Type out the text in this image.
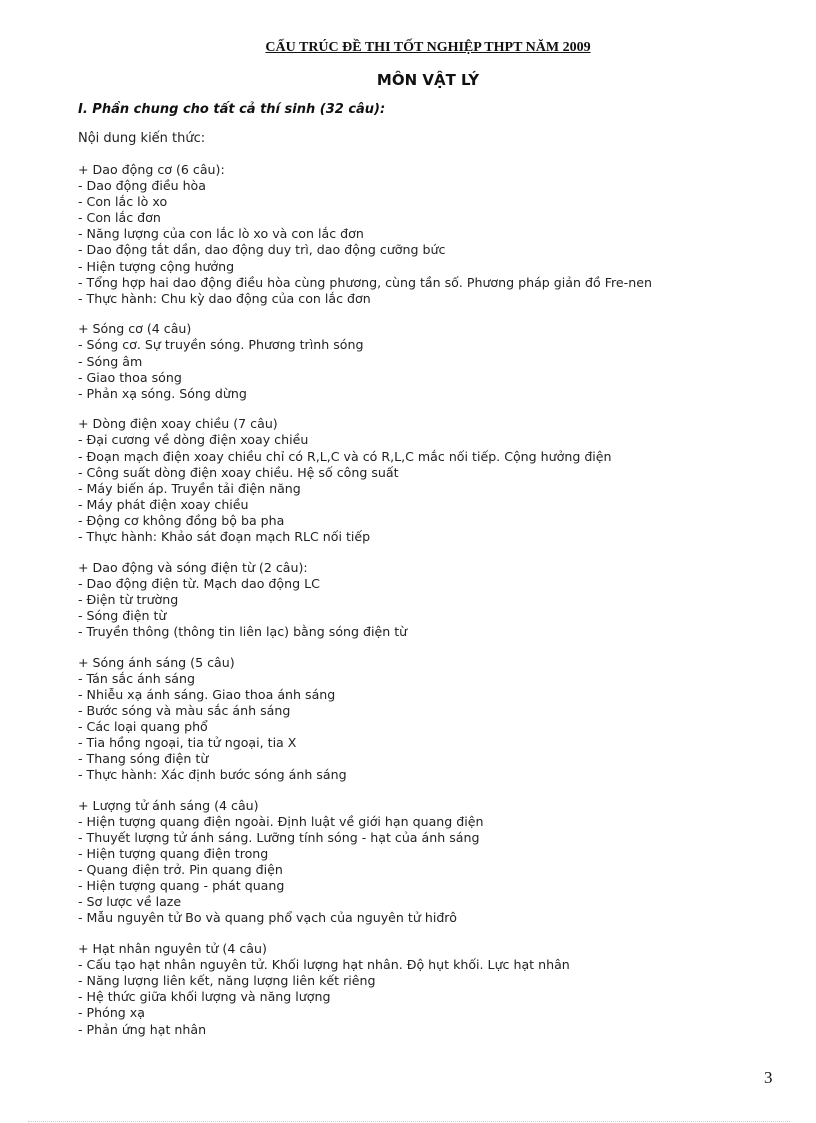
CẤU TRÚC ĐỀ THI TỐT NGHIỆP THPT NĂM 2009
MÔN VẬT LÝ
I. Phần chung cho tất cả thí sinh (32 câu):

Nội dung kiến thức:

+ Dao động cơ (6 câu):
- Dao động điều hòa
- Con lắc lò xo
- Con lắc đơn
- Năng lượng của con lắc lò xo và con lắc đơn
- Dao động tắt dần, dao động duy trì, dao động cưỡng bức
- Hiện tượng cộng hưởng
- Tổng hợp hai dao động điều hòa cùng phương, cùng tần số. Phương pháp giản đồ Fre-nen
- Thực hành: Chu kỳ dao động của con lắc đơn
+ Sóng cơ (4 câu)
- Sóng cơ. Sự truyền sóng. Phương trình sóng
- Sóng âm
- Giao thoa sóng
- Phản xạ sóng. Sóng dừng
+ Dòng điện xoay chiều (7 câu)
- Đại cương về dòng điện xoay chiều
- Đoạn mạch điện xoay chiều chỉ có R,L,C và có R,L,C mắc nối tiếp. Cộng hưởng điện
- Công suất dòng điện xoay chiều. Hệ số công suất
- Máy biến áp. Truyền tải điện năng
- Máy phát điện xoay chiều
- Động cơ không đồng bộ ba pha
- Thực hành: Khảo sát đoạn mạch RLC nối tiếp
+ Dao động và sóng điện từ (2 câu):
- Dao động điện từ. Mạch dao động LC
- Điện từ trường
- Sóng điện từ
- Truyền thông (thông tin liên lạc) bằng sóng điện từ
+ Sóng ánh sáng (5 câu)
- Tán sắc ánh sáng
- Nhiễu xạ ánh sáng. Giao thoa ánh sáng
- Bước sóng và màu sắc ánh sáng
- Các loại quang phổ
- Tia hồng ngoại, tia tử ngoại, tia X
- Thang sóng điện từ
- Thực hành: Xác định bước sóng ánh sáng
+ Lượng tử ánh sáng (4 câu)
- Hiện tượng quang điện ngoài. Định luật về giới hạn quang điện
- Thuyết lượng tử ánh sáng. Lưỡng tính sóng - hạt của ánh sáng
- Hiện tượng quang điện trong
- Quang điện trở. Pin quang điện
- Hiện tượng quang - phát quang
- Sơ lược về laze
- Mẫu nguyên tử Bo và quang phổ vạch của nguyên tử hiđrô
+ Hạt nhân nguyên tử (4 câu)
- Cấu tạo hạt nhân nguyên tử. Khối lượng hạt nhân. Độ hụt khối. Lực hạt nhân
- Năng lượng liên kết, năng lượng liên kết riêng
- Hệ thức giữa khối lượng và năng lượng
- Phóng xạ
- Phản ứng hạt nhân
3
